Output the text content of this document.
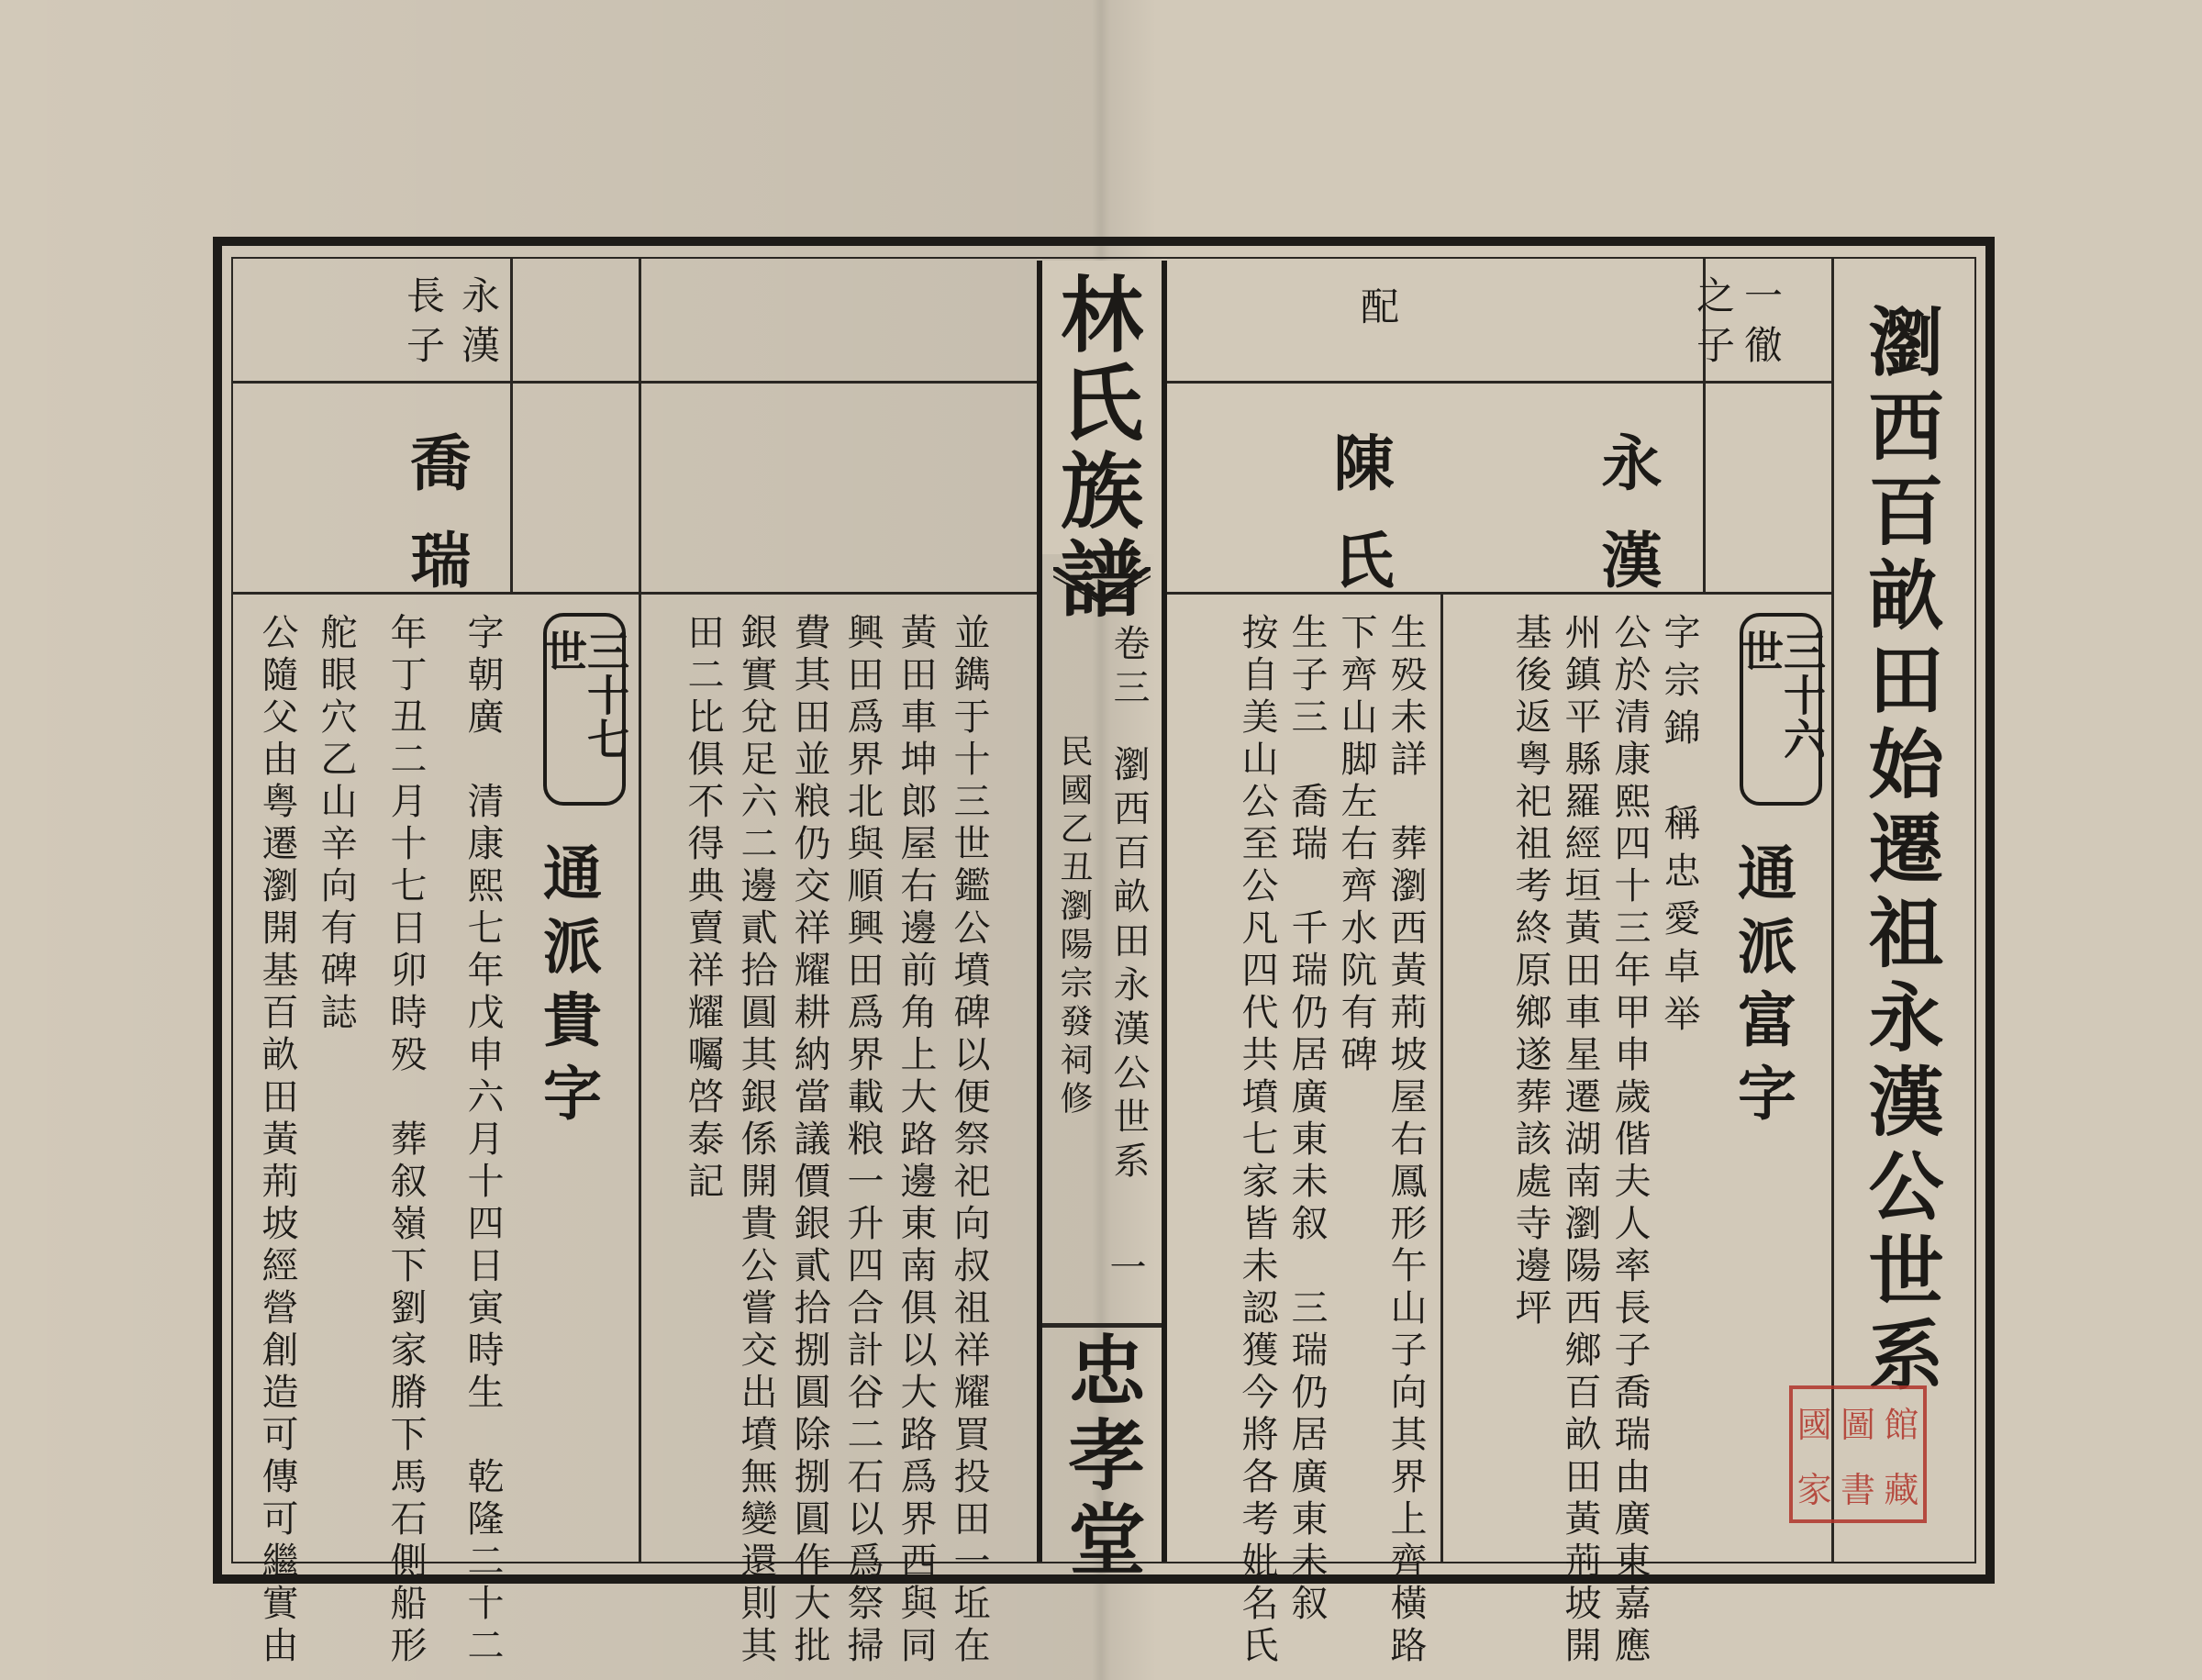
林氏族譜
卷三
瀏西百畝田永漢公世系
民國乙丑瀏陽宗發祠修
一
忠孝堂
瀏西百畝田始遷祖永漢公世系
一徹
之子
永漢
配
陳氏
三十六世
通派富字
字宗錦　稱忠愛卓举
公於清康熙四十三年甲申歲偕夫人率長子喬瑞由廣東嘉應
州鎮平縣羅經垣黃田車星遷湖南瀏陽西鄉百畝田黃荊坡開
基後返粤祀祖考終原鄉遂葬該處寺邊坪
生殁未詳　葬瀏西黃荊坡屋右鳳形午山子向其界上齊橫路
下齊山脚左右齊水阬有碑
生子三　喬瑞　千瑞仍居廣東未叙　三瑞仍居廣東未叙
按自美山公至公凡四代共墳七家皆未認獲今將各考妣名氏	國 圖 館
家 書 藏
永漢
長子
喬瑞
三十七世
通派貴字
字朝廣　清康熙七年戊申六月十四日寅時生　乾隆二十二
年丁丑二月十七日卯時殁　葬叙嶺下劉家膌下馬石側船形
舵眼穴乙山辛向有碑誌
公隨父由粤遷瀏開基百畝田黃荊坡經營創造可傳可繼實由	並鐫于十三世鑑公墳碑以便祭祀向叔祖祥耀買投田一坵在
黃田車坤郎屋右邊前角上大路邊東南俱以大路爲界西與同
興田爲界北與順興田爲界載粮一升四合計谷二石以爲祭掃
費其田並粮仍交祥耀耕納當議價銀貳拾捌圓除捌圓作大批
銀實兌足六二邊貳拾圓其銀係開貴公嘗交出墳無變還則其
田二比俱不得典賣祥耀囑啓泰記
